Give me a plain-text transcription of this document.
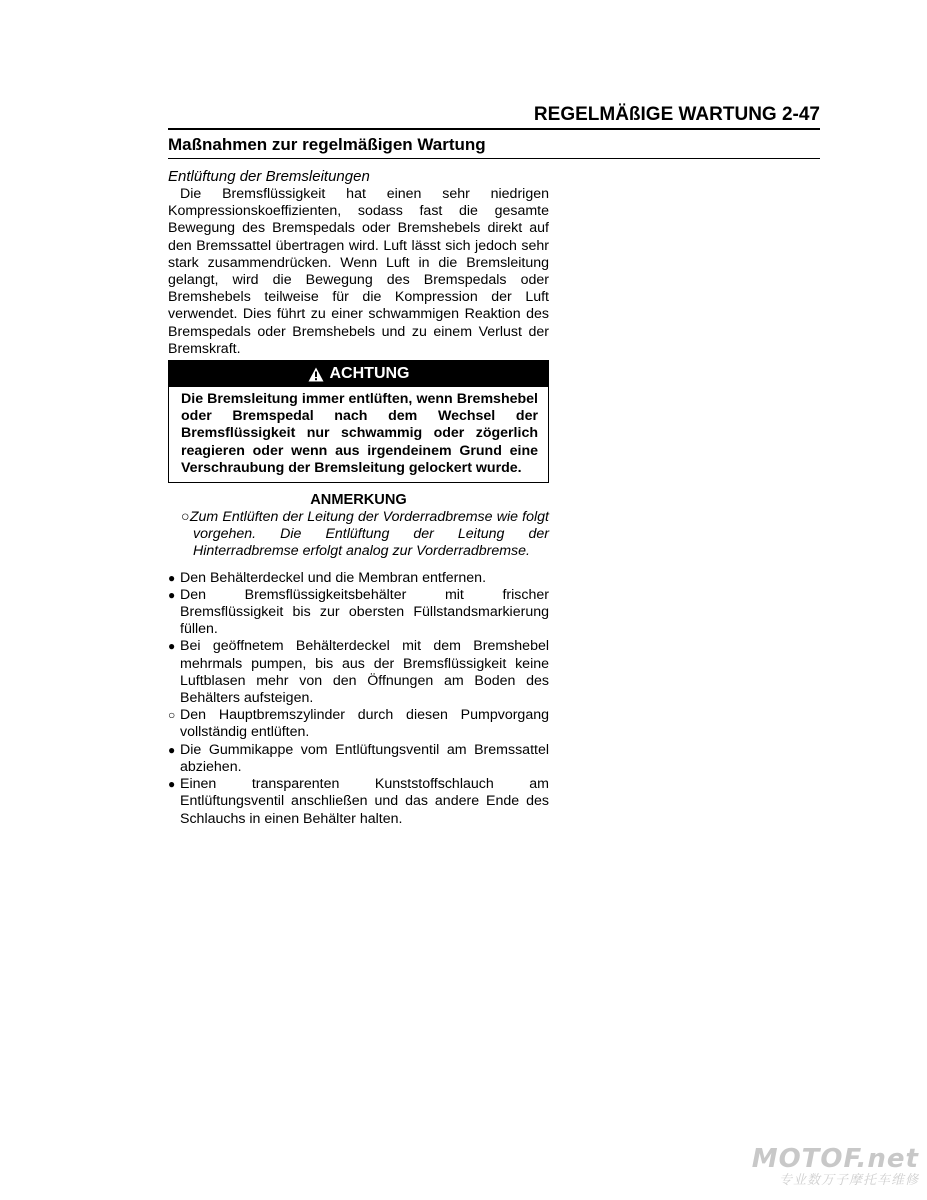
REGELMÄßIGE WARTUNG 2-47
Maßnahmen zur regelmäßigen Wartung

Entlüftung der Bremsleitungen

Die Bremsflüssigkeit hat einen sehr niedrigen Kompressionskoeffizienten, sodass fast die gesamte Bewegung des Bremspedals oder Bremshebels direkt auf den Bremssattel übertragen wird. Luft lässt sich jedoch sehr stark zusammendrücken. Wenn Luft in die Bremsleitung gelangt, wird die Bewegung des Bremspedals oder Bremshebels teilweise für die Kompression der Luft verwendet. Dies führt zu einer schwammigen Reaktion des Bremspedals oder Bremshebels und zu einem Verlust der Bremskraft.

ACHTUNG
Die Bremsleitung immer entlüften, wenn Bremshebel oder Bremspedal nach dem Wechsel der Bremsflüssigkeit nur schwammig oder zögerlich reagieren oder wenn aus irgendeinem Grund eine Verschraubung der Bremsleitung gelockert wurde.

ANMERKUNG

○Zum Entlüften der Leitung der Vorderradbremse wie folgt vorgehen. Die Entlüftung der Leitung der Hinterradbremse erfolgt analog zur Vorderradbremse.

● Den Behälterdeckel und die Membran entfernen.
● Den Bremsflüssigkeitsbehälter mit frischer Bremsflüssigkeit bis zur obersten Füllstandsmarkierung füllen.
● Bei geöffnetem Behälterdeckel mit dem Bremshebel mehrmals pumpen, bis aus der Bremsflüssigkeit keine Luftblasen mehr von den Öffnungen am Boden des Behälters aufsteigen.
○ Den Hauptbremszylinder durch diesen Pumpvorgang vollständig entlüften.
● Die Gummikappe vom Entlüftungsventil am Bremssattel abziehen.
● Einen transparenten Kunststoffschlauch am Entlüftungsventil anschließen und das andere Ende des Schlauchs in einen Behälter halten.
MOTOF.net
专业数万子摩托车维修
